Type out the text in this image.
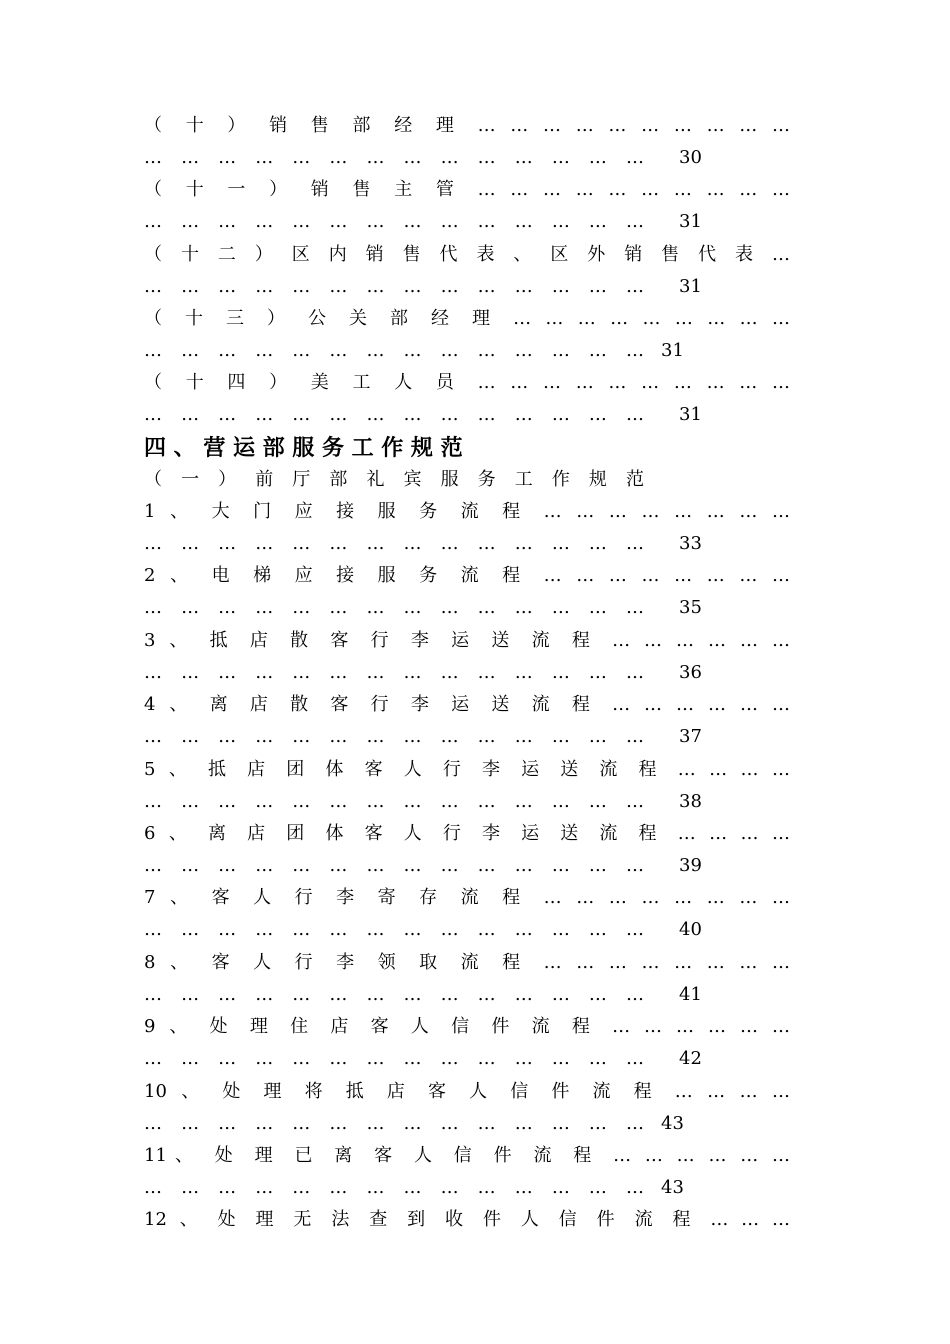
（ 十 ） 销 售 部 经 理 … … … … … … … … … …
… … … … … … … … … … … … … … 30
（ 十 一 ） 销 售 主 管 … … … … … … … … … …
… … … … … … … … … … … … … … 31
（ 十 二 ） 区 内 销 售 代 表 、 区 外 销 售 代 表 …
… … … … … … … … … … … … … … 31
（ 十 三 ） 公 关 部 经 理 … … … … … … … … …
… … … … … … … … … … … … … … 31
（ 十 四 ） 美 工 人 员 … … … … … … … … … …
… … … … … … … … … … … … … … 31
四 、 营 运 部 服 务 工 作 规 范
（ 一 ） 前 厅 部 礼 宾 服 务 工 作 规 范
1 、 大 门 应 接 服 务 流 程 … … … … … … … …
… … … … … … … … … … … … … … 33
2 、 电 梯 应 接 服 务 流 程 … … … … … … … …
… … … … … … … … … … … … … … 35
3 、 抵 店 散 客 行 李 运 送 流 程 … … … … … …
… … … … … … … … … … … … … … 36
4 、 离 店 散 客 行 李 运 送 流 程 … … … … … …
… … … … … … … … … … … … … … 37
5 、 抵 店 团 体 客 人 行 李 运 送 流 程 … … … …
… … … … … … … … … … … … … … 38
6 、 离 店 团 体 客 人 行 李 运 送 流 程 … … … …
… … … … … … … … … … … … … … 39
7 、 客 人 行 李 寄 存 流 程 … … … … … … … …
… … … … … … … … … … … … … … 40
8 、 客 人 行 李 领 取 流 程 … … … … … … … …
… … … … … … … … … … … … … … 41
9 、 处 理 住 店 客 人 信 件 流 程 … … … … … …
… … … … … … … … … … … … … … 42
10 、 处 理 将 抵 店 客 人 信 件 流 程 … … … …
… … … … … … … … … … … … … … 43
11、 处 理 已 离 客 人 信 件 流 程 … … … … … …
… … … … … … … … … … … … … … 43
12 、 处 理 无 法 查 到 收 件 人 信 件 流 程 … … …
